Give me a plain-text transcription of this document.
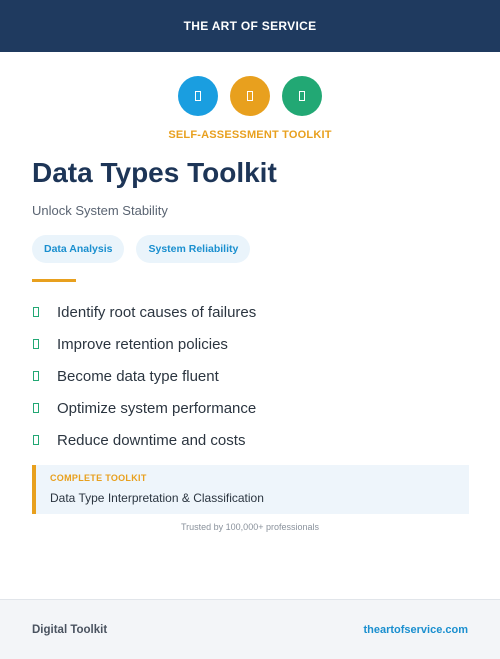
THE ART OF SERVICE
SELF-ASSESSMENT TOOLKIT
Data Types Toolkit
Unlock System Stability
Data Analysis	System Reliability
Identify root causes of failures
Improve retention policies
Become data type fluent
Optimize system performance
Reduce downtime and costs
COMPLETE TOOLKIT
Data Type Interpretation & Classification
Trusted by 100,000+ professionals
Digital Toolkit	theartofservice.com
